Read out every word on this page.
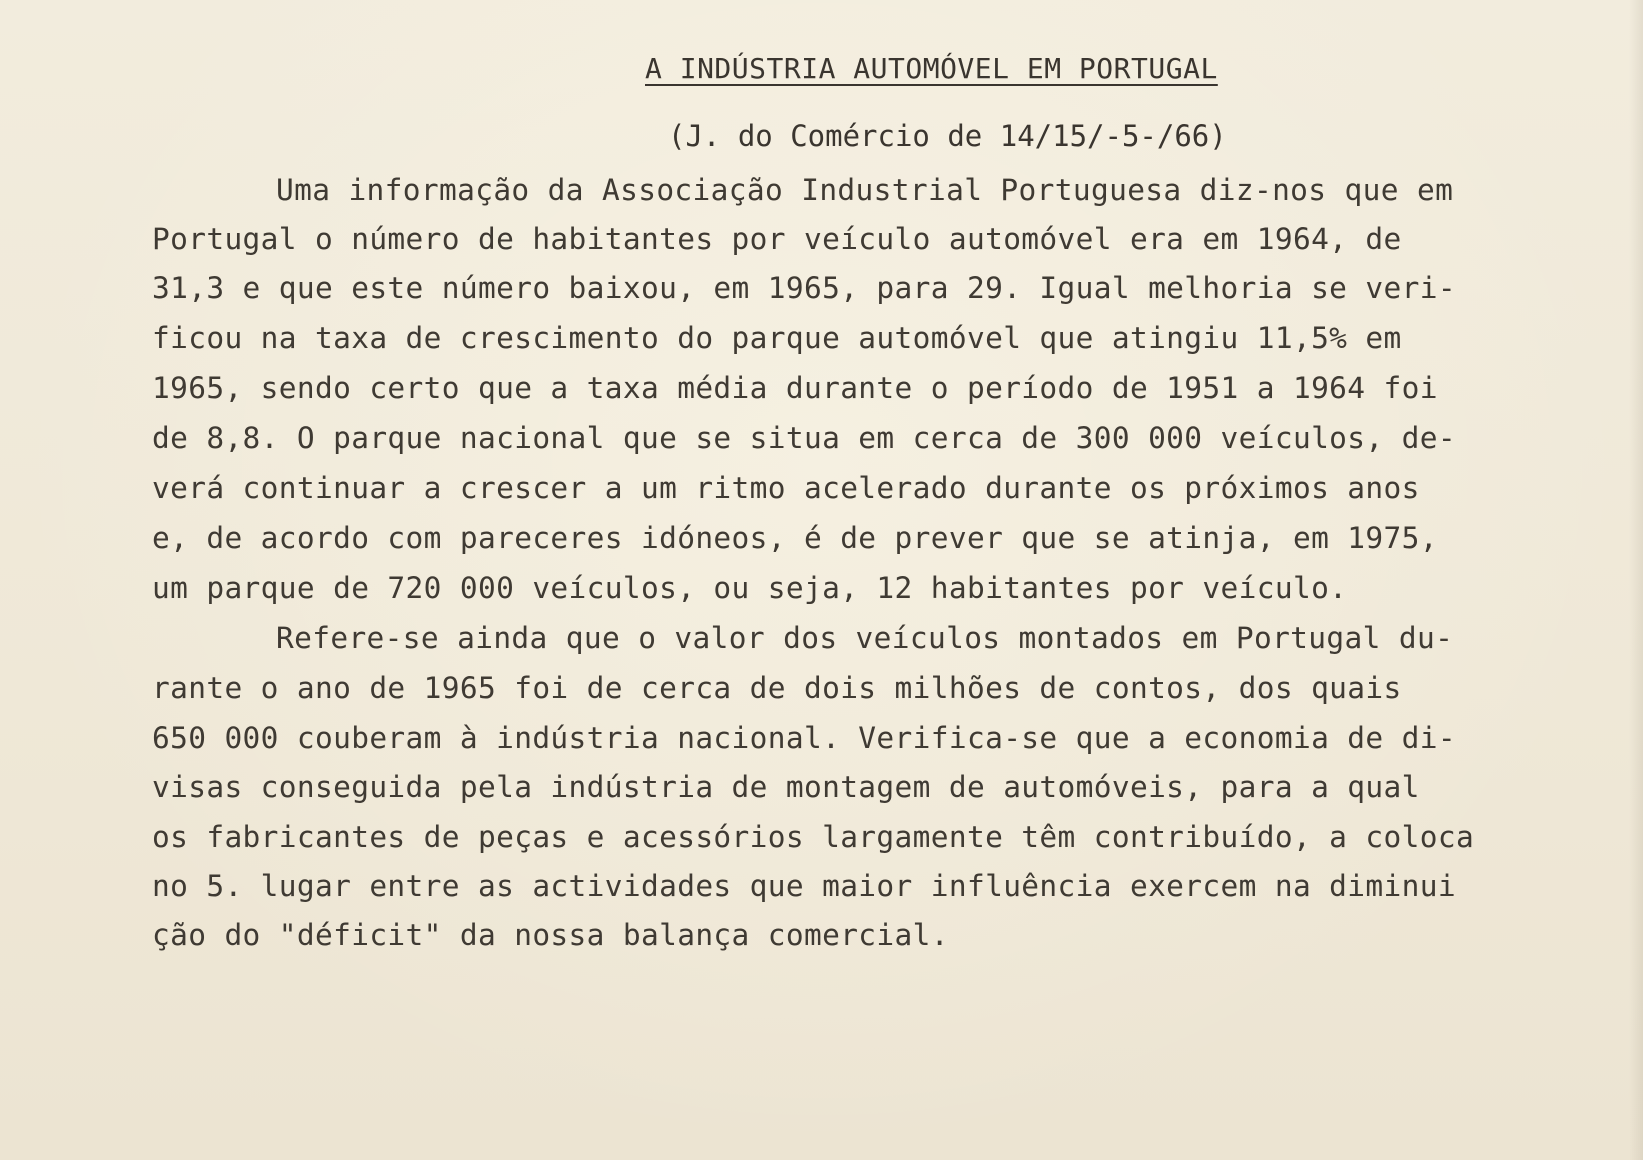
A INDÚSTRIA AUTOMÓVEL EM PORTUGAL
(J. do Comércio de 14/15/-5-/66)
Uma informação da Associação Industrial Portuguesa diz-nos que em
Portugal o número de habitantes por veículo automóvel era em 1964, de
31,3 e que este número baixou, em 1965, para 29. Igual melhoria se veri-
ficou na taxa de crescimento do parque automóvel que atingiu 11,5% em
1965, sendo certo que a taxa média durante o período de 1951 a 1964 foi
de 8,8. O parque nacional que se situa em cerca de 300 000 veículos, de-
verá continuar a crescer a um ritmo acelerado durante os próximos anos
e, de acordo com pareceres idóneos, é de prever que se atinja, em 1975,
um parque de 720 000 veículos, ou seja, 12 habitantes por veículo.
Refere-se ainda que o valor dos veículos montados em Portugal du-
rante o ano de 1965 foi de cerca de dois milhões de contos, dos quais
650 000 couberam à indústria nacional. Verifica-se que a economia de di-
visas conseguida pela indústria de montagem de automóveis, para a qual
os fabricantes de peças e acessórios largamente têm contribuído, a coloca
no 5. lugar entre as actividades que maior influência exercem na diminui
ção do "déficit" da nossa balança comercial.
